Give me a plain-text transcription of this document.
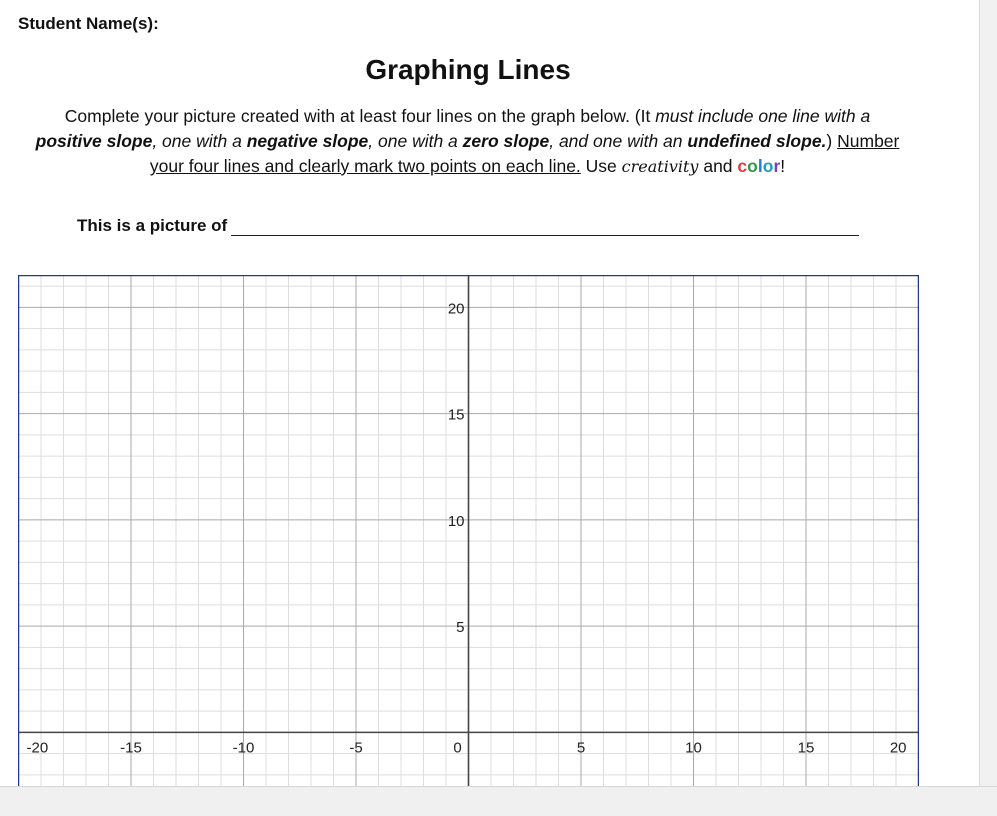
Student Name(s):
Graphing Lines
Complete your picture created with at least four lines on the graph below. (It must include one line with a
positive slope, one with a negative slope, one with a zero slope, and one with an undefined slope.) Number your four lines and clearly mark two points on each line. Use creativity and color!
This is a picture of
-20	-15	-10	-5	0	5	10	15	20
20
15
10
5
